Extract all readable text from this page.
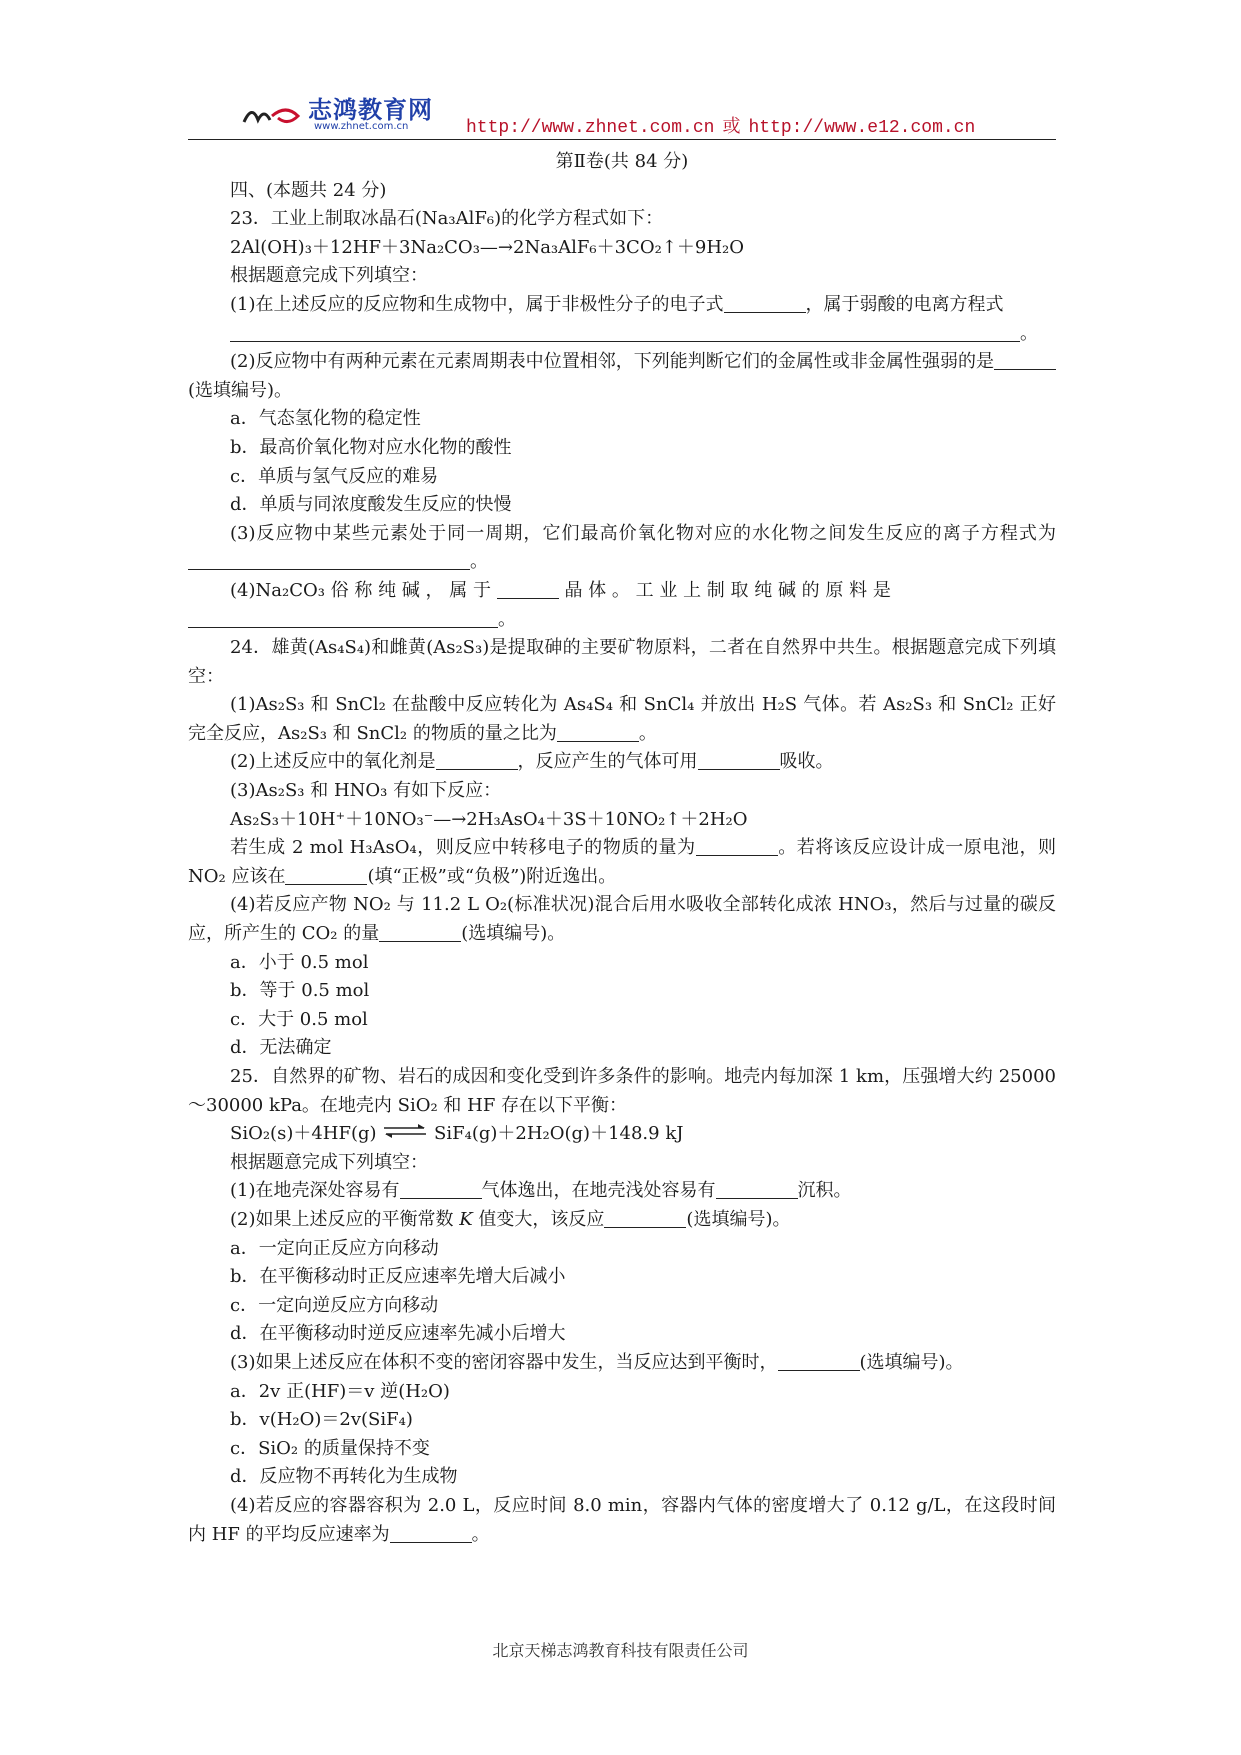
志鸿教育网
www.zhnet.com.cn	http://www.zhnet.com.cn 或 http://www.e12.com.cn
第Ⅱ卷(共 84 分)

四、(本题共 24 分)

23．工业上制取冰晶石(Na₃AlF₆)的化学方程式如下：

2Al(OH)₃＋12HF＋3Na₂CO₃—→2Na₃AlF₆＋3CO₂↑＋9H₂O

根据题意完成下列填空：

(1)在上述反应的反应物和生成物中，属于非极性分子的电子式	，属于弱酸的电离方程式

。

(2)反应物中有两种元素在元素周期表中位置相邻，下列能判断它们的金属性或非金属性强弱的是(选填编号)。

a．气态氢化物的稳定性

b．最高价氧化物对应水化物的酸性

c．单质与氢气反应的难易

d．单质与同浓度酸发生反应的快慢

(3)反应物中某些元素处于同一周期，它们最高价氧化物对应的水化物之间发生反应的离子方程式为。

(4)Na₂CO₃ 俗 称 纯 碱 ， 属 于	晶 体 。 工 业 上 制 取 纯 碱 的 原 料 是

。

24．雄黄(As₄S₄)和雌黄(As₂S₃)是提取砷的主要矿物原料，二者在自然界中共生。根据题意完成下列填空：

(1)As₂S₃ 和 SnCl₂ 在盐酸中反应转化为 As₄S₄ 和 SnCl₄ 并放出 H₂S 气体。若 As₂S₃ 和 SnCl₂ 正好完全反应，As₂S₃ 和 SnCl₂ 的物质的量之比为	。

(2)上述反应中的氧化剂是	，反应产生的气体可用	吸收。

(3)As₂S₃ 和 HNO₃ 有如下反应：

As₂S₃＋10H⁺＋10NO₃⁻—→2H₃AsO₄＋3S＋10NO₂↑＋2H₂O

若生成 2 mol H₃AsO₄，则反应中转移电子的物质的量为	。若将该反应设计成一原电池，则 NO₂ 应该在	(填“正极”或“负极”)附近逸出。

(4)若反应产物 NO₂ 与 11.2 L O₂(标准状况)混合后用水吸收全部转化成浓 HNO₃，然后与过量的碳反应，所产生的 CO₂ 的量	(选填编号)。

a．小于 0.5 mol

b．等于 0.5 mol

c．大于 0.5 mol

d．无法确定

25．自然界的矿物、岩石的成因和变化受到许多条件的影响。地壳内每加深 1 km，压强增大约 25000～30000 kPa。在地壳内 SiO₂ 和 HF 存在以下平衡：

SiO₂(s)＋4HF(g) ⇌ SiF₄(g)＋2H₂O(g)＋148.9 kJ

根据题意完成下列填空：

(1)在地壳深处容易有	气体逸出，在地壳浅处容易有	沉积。

(2)如果上述反应的平衡常数 K 值变大，该反应	(选填编号)。

a．一定向正反应方向移动

b．在平衡移动时正反应速率先增大后减小

c．一定向逆反应方向移动

d．在平衡移动时逆反应速率先减小后增大

(3)如果上述反应在体积不变的密闭容器中发生，当反应达到平衡时，	(选填编号)。

a．2v 正(HF)＝v 逆(H₂O)

b．v(H₂O)＝2v(SiF₄)

c．SiO₂ 的质量保持不变

d．反应物不再转化为生成物

(4)若反应的容器容积为 2.0 L，反应时间 8.0 min，容器内气体的密度增大了 0.12 g/L，在这段时间内 HF 的平均反应速率为	。

北京天梯志鸿教育科技有限责任公司
